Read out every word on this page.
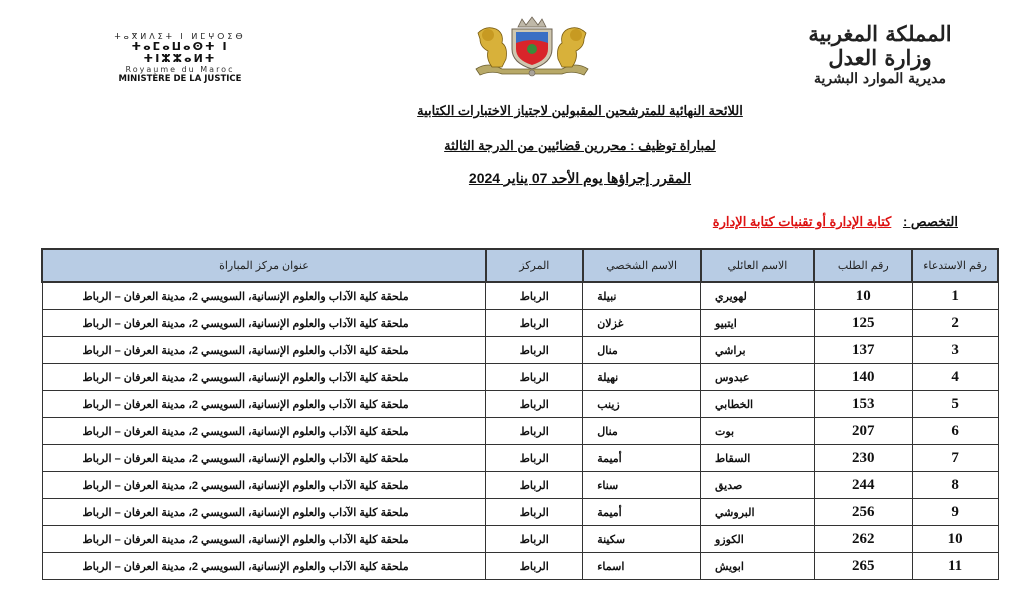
المملكة المغربية
وزارة العدل
مديرية الموارد البشرية
ⵜⴰⴳⵍⴷⵉⵜ ⵏ ⵍⵎⵖⵔⵉⴱ
ⵜⴰⵎⴰⵡⴰⵙⵜ ⵏ ⵜⵏⵣⵣⴰⵍⵜ
Royaume du Maroc
MINISTÈRE DE LA JUSTICE
اللائحة النهائية للمترشحين المقبولين لاجتياز الاختبارات الكتابية
لمباراة توظيف : محررين قضائيين من الدرجة الثالثة
المقرر إجراؤها يوم الأحد 07 يناير 2024
التخصص : كتابة الإدارة أو تقنيات كتابة الإدارة
رقم الاستدعاء	رقم الطلب	الاسم العائلي	الاسم الشخصي	المركز	عنوان مركز المباراة
1	10	لهويري	نبيلة	الرباط	ملحقة كلية الآداب والعلوم الإنسانية، السويسي 2، مدينة العرفان – الرباط
2	125	ايتبيو	غزلان	الرباط	ملحقة كلية الآداب والعلوم الإنسانية، السويسي 2، مدينة العرفان – الرباط
3	137	براشي	منال	الرباط	ملحقة كلية الآداب والعلوم الإنسانية، السويسي 2، مدينة العرفان – الرباط
4	140	عبدوس	نهيلة	الرباط	ملحقة كلية الآداب والعلوم الإنسانية، السويسي 2، مدينة العرفان – الرباط
5	153	الخطابي	زينب	الرباط	ملحقة كلية الآداب والعلوم الإنسانية، السويسي 2، مدينة العرفان – الرباط
6	207	بوت	منال	الرباط	ملحقة كلية الآداب والعلوم الإنسانية، السويسي 2، مدينة العرفان – الرباط
7	230	السقاط	أميمة	الرباط	ملحقة كلية الآداب والعلوم الإنسانية، السويسي 2، مدينة العرفان – الرباط
8	244	صديق	سناء	الرباط	ملحقة كلية الآداب والعلوم الإنسانية، السويسي 2، مدينة العرفان – الرباط
9	256	البروشي	أميمة	الرباط	ملحقة كلية الآداب والعلوم الإنسانية، السويسي 2، مدينة العرفان – الرباط
10	262	الكوزو	سكينة	الرباط	ملحقة كلية الآداب والعلوم الإنسانية، السويسي 2، مدينة العرفان – الرباط
11	265	ابويش	اسماء	الرباط	ملحقة كلية الآداب والعلوم الإنسانية، السويسي 2، مدينة العرفان – الرباط
